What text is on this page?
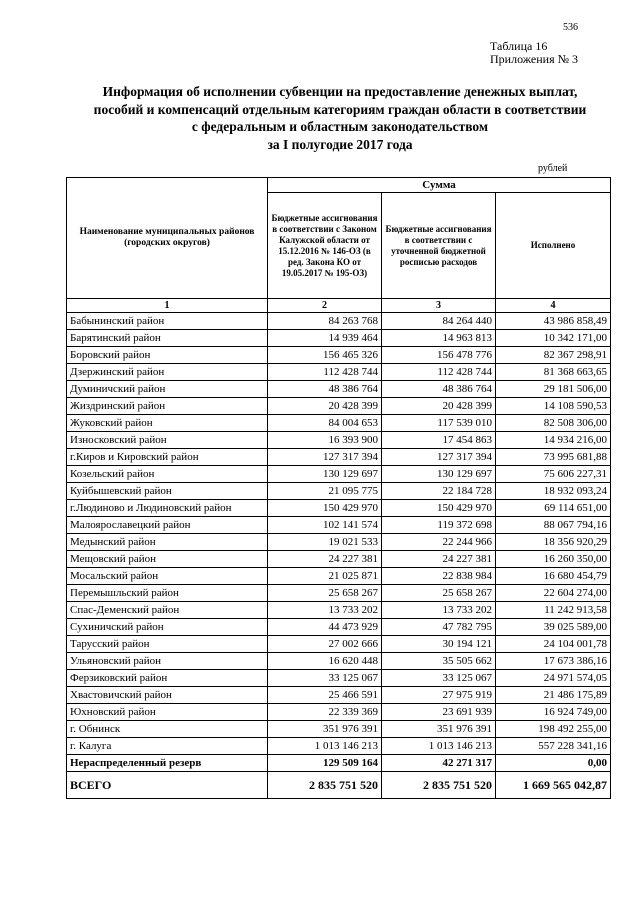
536
Таблица 16
Приложения № 3
Информация об исполнении субвенции на предоставление денежных выплат,
пособий и компенсаций отдельным категориям граждан области в соответствии
с федеральным и областным законодательством
за I полугодие 2017 года
рублей
Наименование муниципальных районов (городских округов)	Сумма		
	Бюджетные ассигнования в соответствии с Законом Калужской области от 15.12.2016 № 146-ОЗ (в ред. Закона КО от 19.05.2017 № 195-ОЗ)	Бюджетные ассигнования в соответствии с уточненной бюджетной росписью расходов	Исполнено
1	2	3	4
Бабынинский район	84 263 768	84 264 440	43 986 858,49
Барятинский район	14 939 464	14 963 813	10 342 171,00
Боровский район	156 465 326	156 478 776	82 367 298,91
Дзержинский район	112 428 744	112 428 744	81 368 663,65
Думиничский район	48 386 764	48 386 764	29 181 506,00
Жиздринский район	20 428 399	20 428 399	14 108 590,53
Жуковский район	84 004 653	117 539 010	82 508 306,00
Износковский район	16 393 900	17 454 863	14 934 216,00
г.Киров и Кировский район	127 317 394	127 317 394	73 995 681,88
Козельский район	130 129 697	130 129 697	75 606 227,31
Куйбышевский район	21 095 775	22 184 728	18 932 093,24
г.Людиново и Людиновский район	150 429 970	150 429 970	69 114 651,00
Малоярославецкий район	102 141 574	119 372 698	88 067 794,16
Медынский район	19 021 533	22 244 966	18 356 920,29
Мещовский район	24 227 381	24 227 381	16 260 350,00
Мосальский район	21 025 871	22 838 984	16 680 454,79
Перемышльский район	25 658 267	25 658 267	22 604 274,00
Спас-Деменский район	13 733 202	13 733 202	11 242 913,58
Сухиничский район	44 473 929	47 782 795	39 025 589,00
Тарусский район	27 002 666	30 194 121	24 104 001,78
Ульяновский район	16 620 448	35 505 662	17 673 386,16
Ферзиковский район	33 125 067	33 125 067	24 971 574,05
Хвастовичский район	25 466 591	27 975 919	21 486 175,89
Юхновский район	22 339 369	23 691 939	16 924 749,00
г. Обнинск	351 976 391	351 976 391	198 492 255,00
г. Калуга	1 013 146 213	1 013 146 213	557 228 341,16
Нераспределенный резерв	129 509 164	42 271 317	0,00
ВСЕГО	2 835 751 520	2 835 751 520	1 669 565 042,87
